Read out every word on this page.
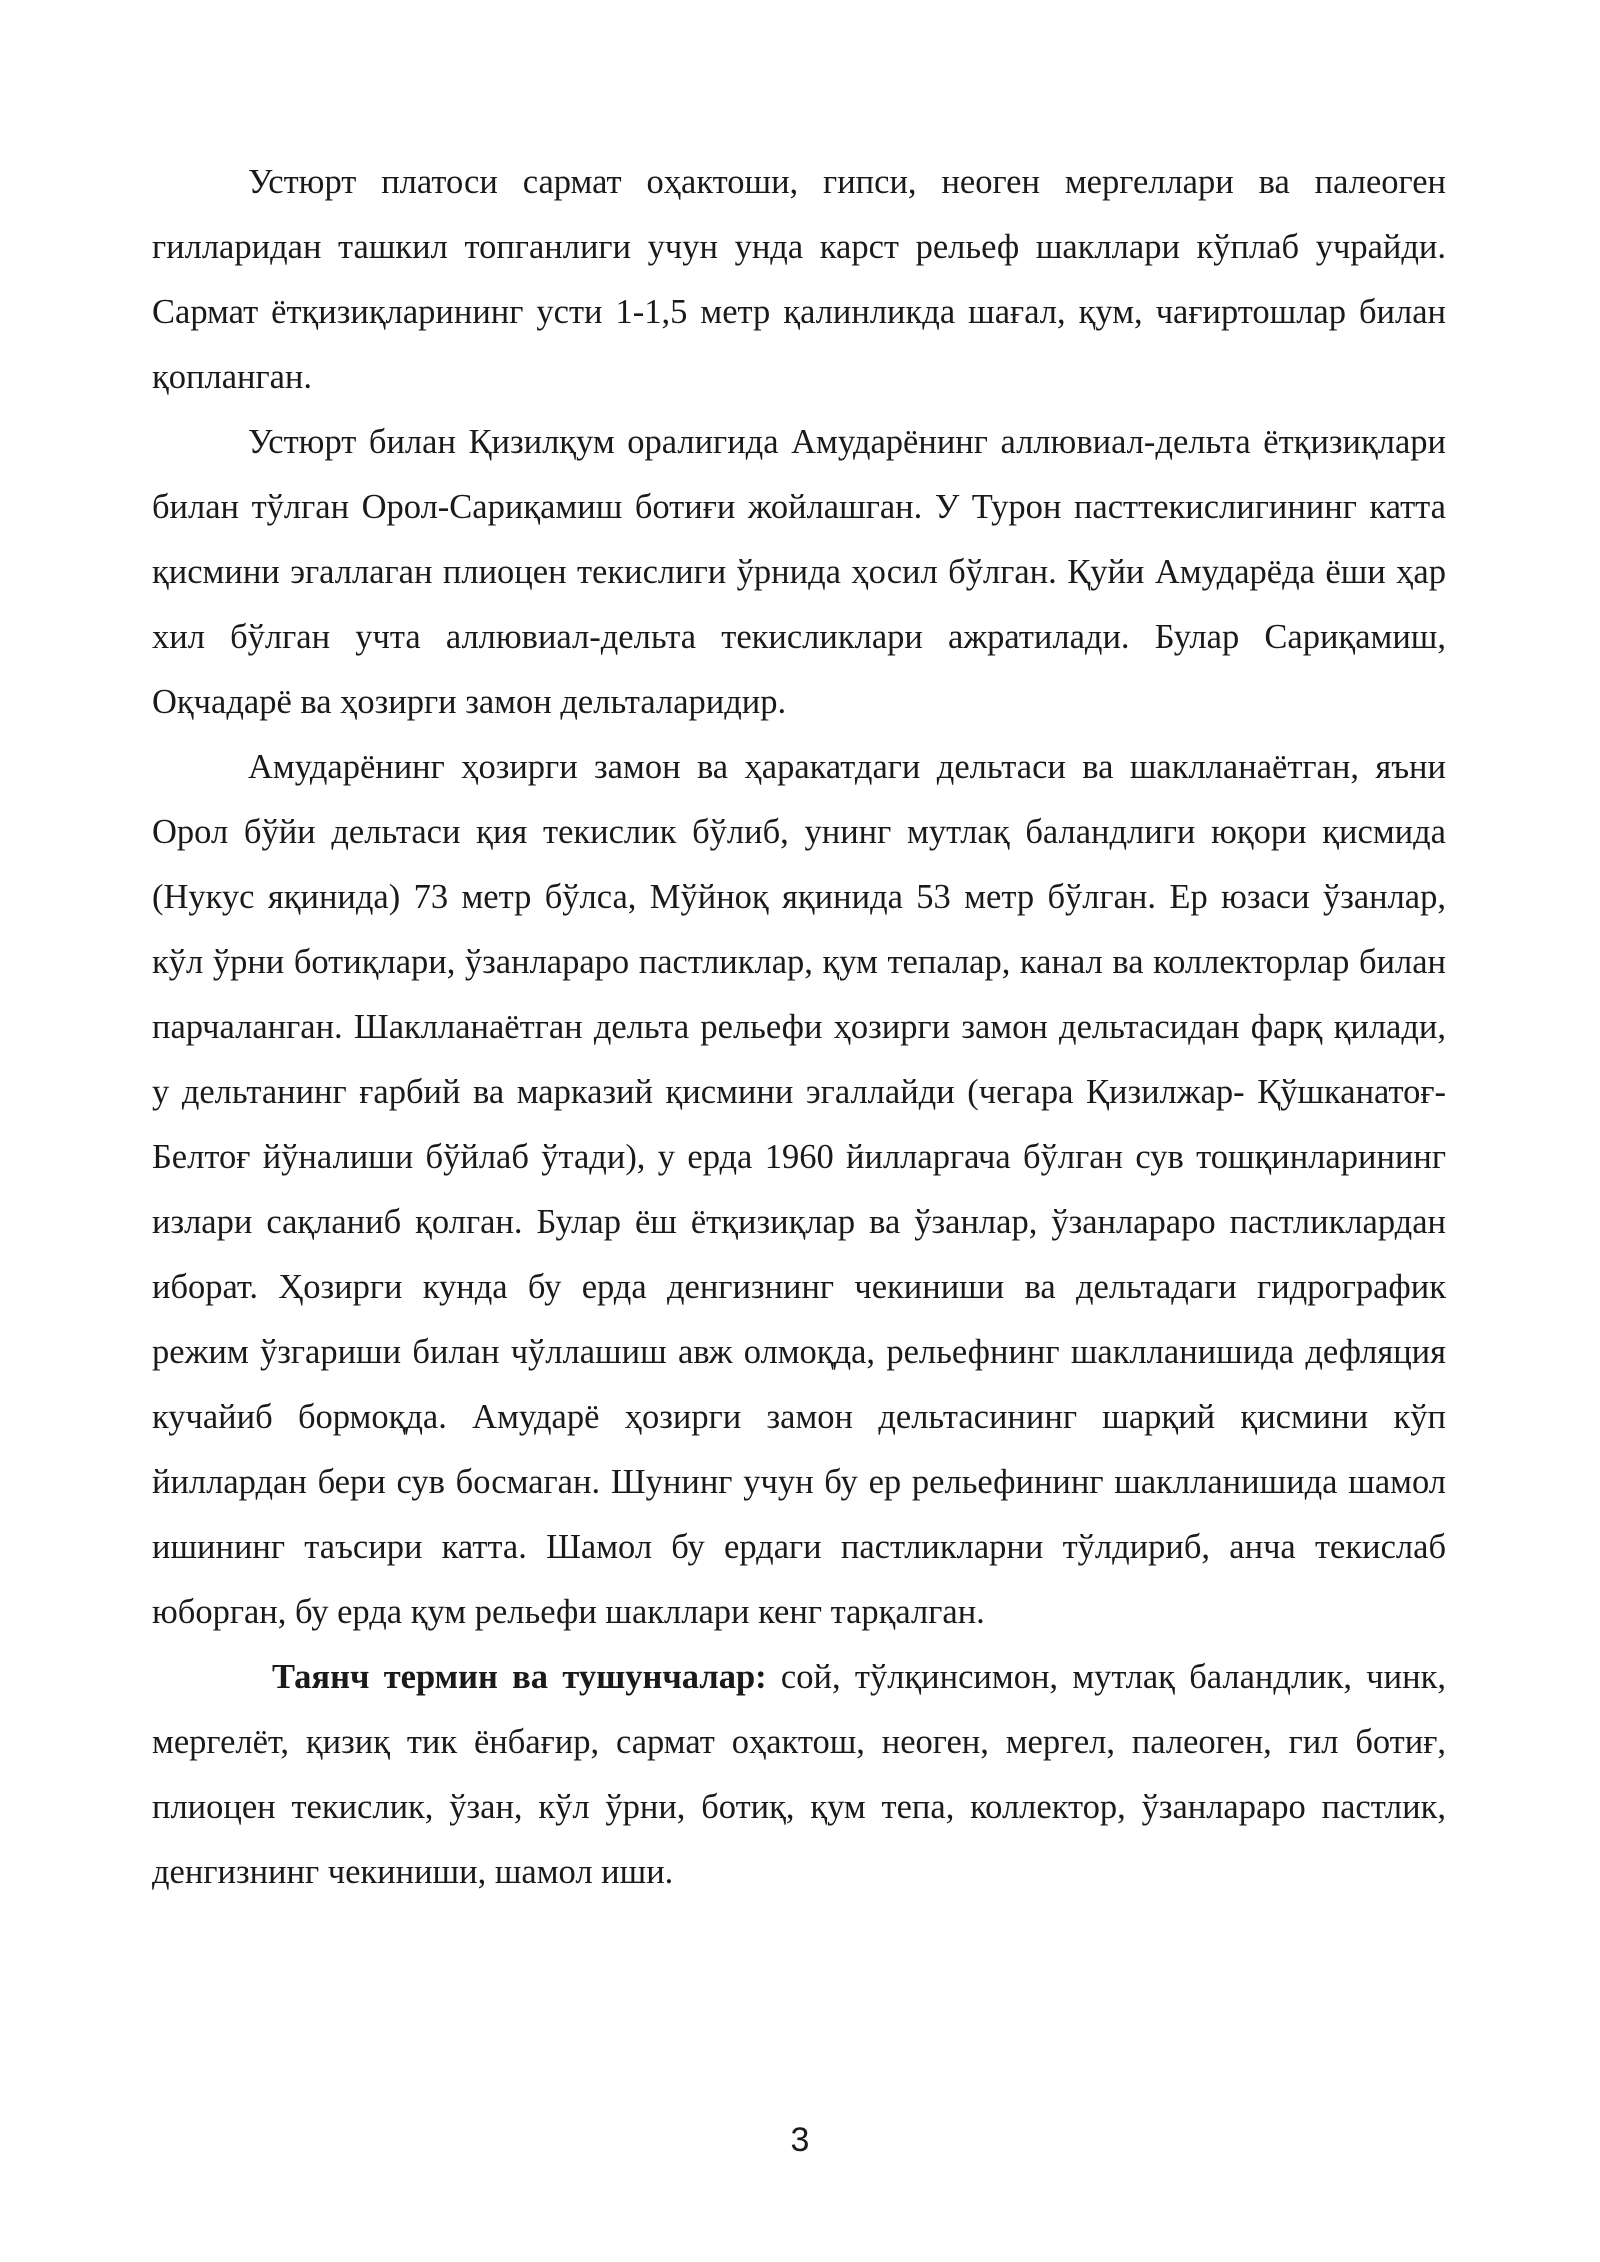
Устюрт платоси сармат оҳактоши, гипси, неоген мергеллари ва палеоген гилларидан ташкил топганлиги учун унда карст рельеф шакллари кўплаб учрайди. Сармат ётқизиқларининг усти 1-1,5 метр қалинликда шағал, қум, чағиртошлар билан қопланган.

Устюрт билан Қизилқум оралигида Амударёнинг аллювиал-дельта ётқизиқлари билан тўлган Орол-Сариқамиш ботиғи жойлашган. У Турон пасттекислигининг катта қисмини эгаллаган плиоцен текислиги ўрнида ҳосил бўлган. Қуйи Амударёда ёши ҳар хил бўлган учта аллювиал-дельта текисликлари ажратилади. Булар Сариқамиш, Оқчадарё ва ҳозирги замон дельталаридир.

Амударёнинг ҳозирги замон ва ҳаракатдаги дельтаси ва шаклланаётган, яъни Орол бўйи дельтаси қия текислик бўлиб, унинг мутлақ баландлиги юқори қисмида (Нукус яқинида) 73 метр бўлса, Мўйноқ яқинида 53 метр бўлган. Ер юзаси ўзанлар, кўл ўрни ботиқлари, ўзанлараро пастликлар, қум тепалар, канал ва коллекторлар билан парчаланган. Шаклланаётган дельта рельефи ҳозирги замон дельтасидан фарқ қилади, у дельтанинг ғарбий ва марказий қисмини эгаллайди (чегара Қизилжар- Қўшканатоғ- Белтоғ йўналиши бўйлаб ўтади), у ерда 1960 йилларгача бўлган сув тошқинларининг излари сақланиб қолган. Булар ёш ётқизиқлар ва ўзанлар, ўзанлараро пастликлардан иборат. Ҳозирги кунда бу ерда денгизнинг чекиниши ва дельтадаги гидрографик режим ўзгариши билан чўллашиш авж олмоқда, рельефнинг шаклланишида дефляция кучайиб бормоқда. Амударё ҳозирги замон дельтасининг шарқий қисмини кўп йиллардан бери сув босмаган. Шунинг учун бу ер рельефининг шаклланишида шамол ишининг таъсири катта. Шамол бу ердаги пастликларни тўлдириб, анча текислаб юборган, бу ерда қум рельефи шакллари кенг тарқалган.

Таянч термин ва тушунчалар: сой, тўлқинсимон, мутлақ баландлик, чинк, мергелёт, қизиқ тик ёнбағир, сармат оҳактош, неоген, мергел, палеоген, гил ботиғ, плиоцен текислик, ўзан, кўл ўрни, ботиқ, қум тепа, коллектор, ўзанлараро пастлик, денгизнинг чекиниши, шамол иши.

3
